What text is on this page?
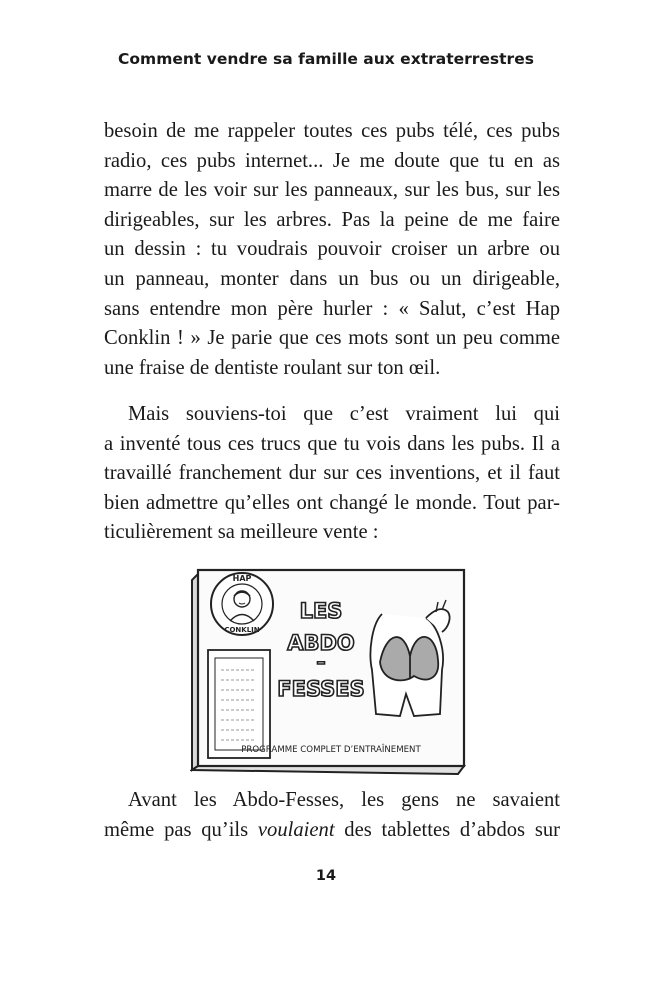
Comment vendre sa famille aux extraterrestres
besoin de me rappeler toutes ces pubs télé, ces pubs
radio, ces pubs internet... Je me doute que tu en as
marre de les voir sur les panneaux, sur les bus, sur les
dirigeables, sur les arbres. Pas la peine de me faire
un dessin : tu voudrais pouvoir croiser un arbre ou
un panneau, monter dans un bus ou un dirigeable,
sans entendre mon père hurler : « Salut, c’est Hap
Conklin ! » Je parie que ces mots sont un peu comme
une fraise de dentiste roulant sur ton œil.
Mais souviens-toi que c’est vraiment lui qui
a inventé tous ces trucs que tu vois dans les pubs. Il a
travaillé franchement dur sur ces inventions, et il faut
bien admettre qu’elles ont changé le monde. Tout par-
ticulièrement sa meilleure vente :
HAP
CONKLIN
LES
ABDO
–
FESSES
PROGRAMME COMPLET D’ENTRAÎNEMENT
Avant les Abdo-Fesses, les gens ne savaient
même pas qu’ils voulaient des tablettes d’abdos sur
14
